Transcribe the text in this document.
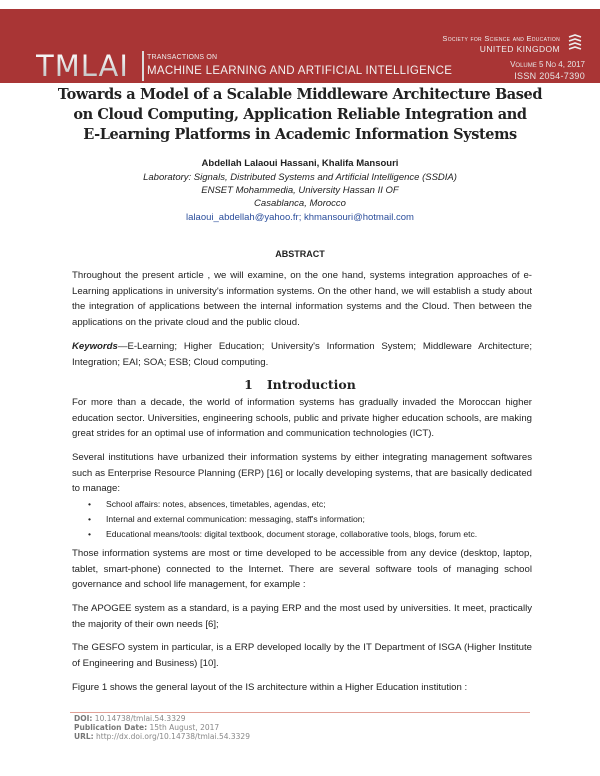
TMLAI	TRANSACTIONS ON
MACHINE LEARNING AND ARTIFICIAL INTELLIGENCE
Society for Science and Education
UNITED KINGDOM
Volume 5 No 4, 2017
ISSN 2054-7390
Towards a Model of a Scalable Middleware Architecture Based
on Cloud Computing, Application Reliable Integration and
E-Learning Platforms in Academic Information Systems
Abdellah Lalaoui Hassani, Khalifa Mansouri
Laboratory: Signals, Distributed Systems and Artificial Intelligence (SSDIA)
ENSET Mohammedia, University Hassan II OF
Casablanca, Morocco
lalaoui_abdellah@yahoo.fr; khmansouri@hotmail.com
ABSTRACT
Throughout the present article , we will examine, on the one hand, systems integration approaches of e-Learning applications in university's information systems. On the other hand, we will establish a study about the integration of applications between the internal information systems and the Cloud. Then between the applications on the private cloud and the public cloud.
Keywords—E-Learning; Higher Education; University's Information System; Middleware Architecture; Integration; EAI; SOA; ESB; Cloud computing.
1 Introduction
For more than a decade, the world of information systems has gradually invaded the Moroccan higher education sector. Universities, engineering schools, public and private higher education schools, are making great strides for an optimal use of information and communication technologies (ICT).
Several institutions have urbanized their information systems by either integrating management softwares such as Enterprise Resource Planning (ERP) [16] or locally developing systems, that are basically dedicated to manage:
• School affairs: notes, absences, timetables, agendas, etc;
• Internal and external communication: messaging, staff's information;
• Educational means/tools: digital textbook, document storage, collaborative tools, blogs, forum etc.
Those information systems are most or time developed to be accessible from any device (desktop, laptop, tablet, smart-phone) connected to the Internet. There are several software tools of managing school governance and school life management, for example :
The APOGEE system as a standard, is a paying ERP and the most used by universities. It meet, practically the majority of their own needs [6];
The GESFO system in particular, is a ERP developed locally by the IT Department of ISGA (Higher Institute of Engineering and Business) [10].
Figure 1 shows the general layout of the IS architecture within a Higher Education institution :
DOI: 10.14738/tmlai.54.3329
Publication Date: 15th August, 2017
URL: http://dx.doi.org/10.14738/tmlai.54.3329
